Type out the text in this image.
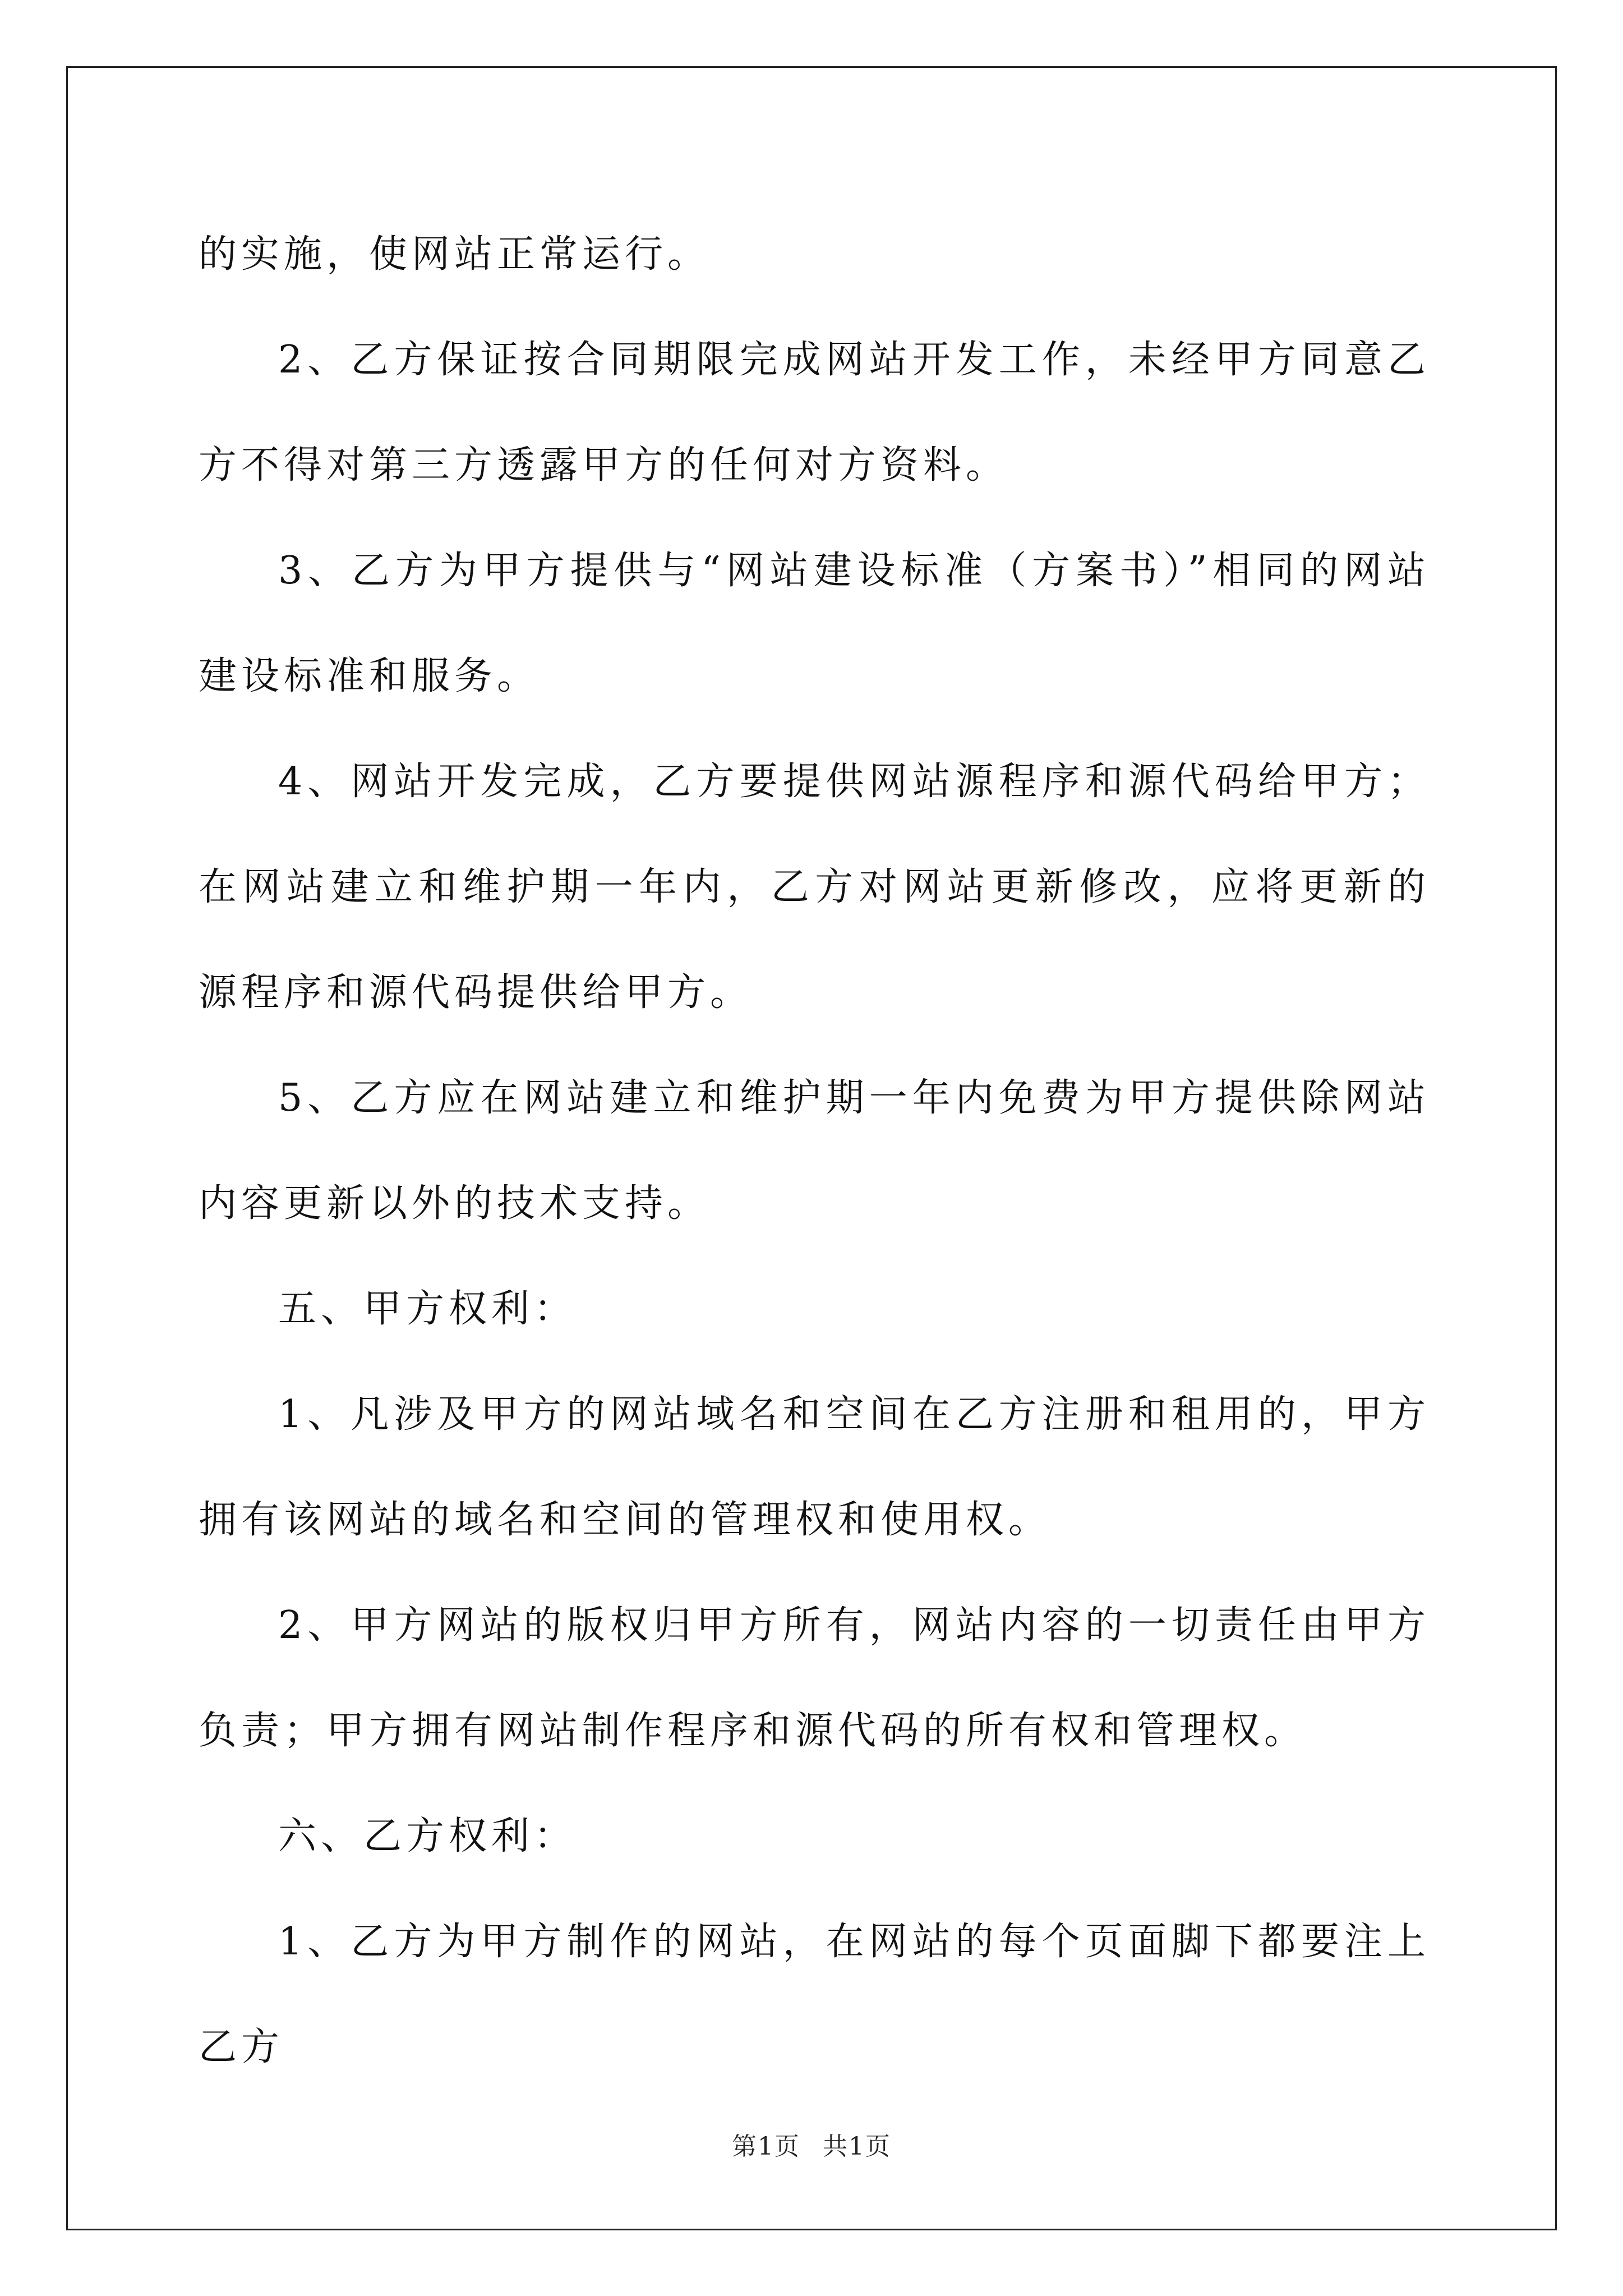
的实施，使网站正常运行。

2、乙方保证按合同期限完成网站开发工作，未经甲方同意乙方不得对第三方透露甲方的任何对方资料。

3、乙方为甲方提供与“网站建设标准（方案书）”相同的网站建设标准和服务。

4、网站开发完成，乙方要提供网站源程序和源代码给甲方；在网站建立和维护期一年内，乙方对网站更新修改，应将更新的源程序和源代码提供给甲方。

5、乙方应在网站建立和维护期一年内免费为甲方提供除网站内容更新以外的技术支持。

五、甲方权利：

1、凡涉及甲方的网站域名和空间在乙方注册和租用的，甲方拥有该网站的域名和空间的管理权和使用权。

2、甲方网站的版权归甲方所有，网站内容的一切责任由甲方负责；甲方拥有网站制作程序和源代码的所有权和管理权。

六、乙方权利：

1、乙方为甲方制作的网站，在网站的每个页面脚下都要注上乙方

第1页 共1页
